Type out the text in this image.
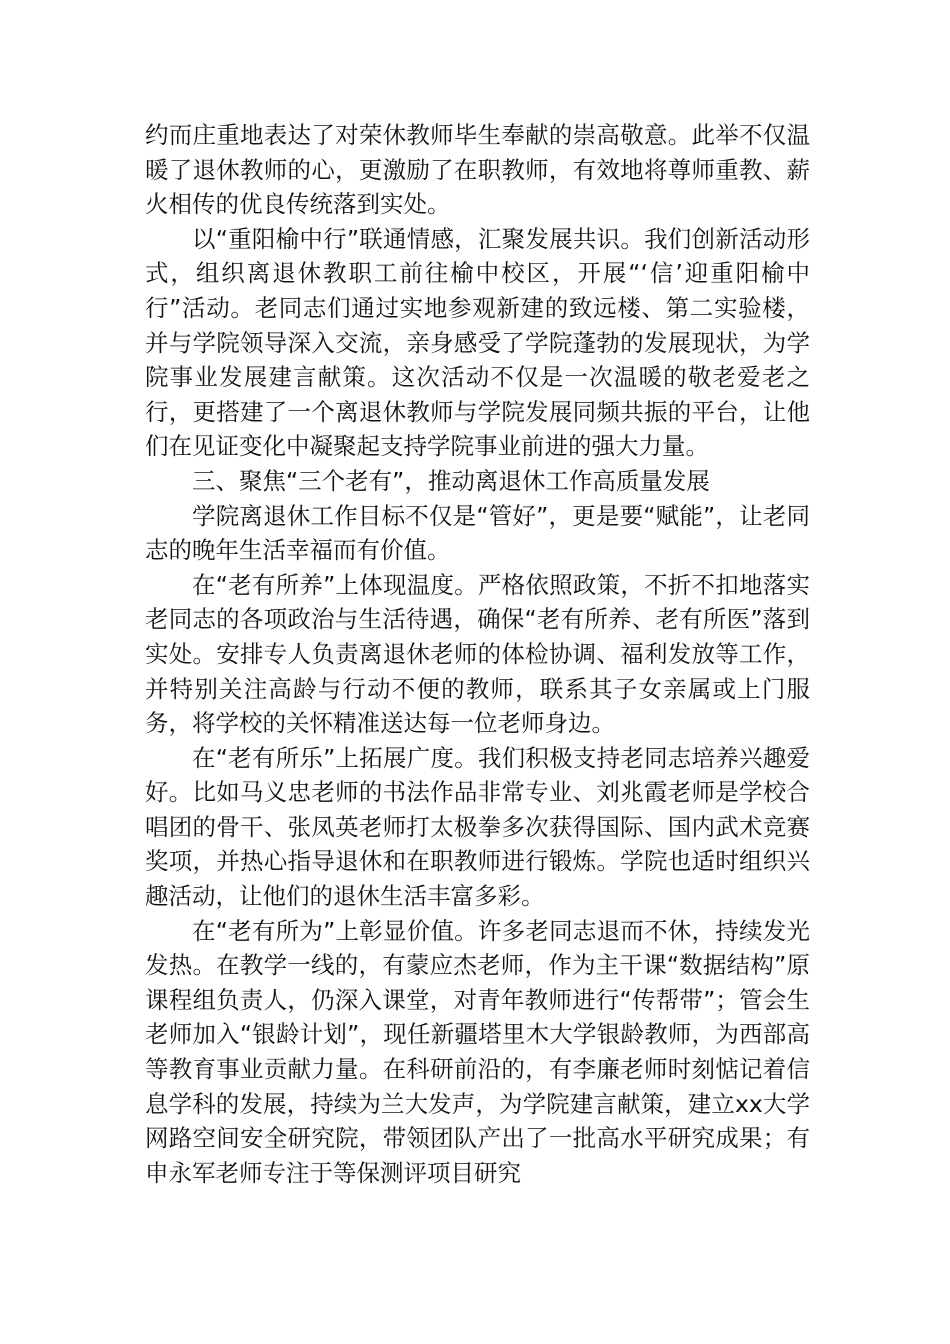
约而庄重地表达了对荣休教师毕生奉献的崇高敬意。此举不仅温暖了退休教师的心，更激励了在职教师，有效地将尊师重教、薪火相传的优良传统落到实处。

以“重阳榆中行”联通情感，汇聚发展共识。我们创新活动形式，组织离退休教职工前往榆中校区，开展“‘信’迎重阳榆中行”活动。老同志们通过实地参观新建的致远楼、第二实验楼，并与学院领导深入交流，亲身感受了学院蓬勃的发展现状，为学院事业发展建言献策。这次活动不仅是一次温暖的敬老爱老之行，更搭建了一个离退休教师与学院发展同频共振的平台，让他们在见证变化中凝聚起支持学院事业前进的强大力量。

三、聚焦“三个老有”，推动离退休工作高质量发展

学院离退休工作目标不仅是“管好”，更是要“赋能”，让老同志的晚年生活幸福而有价值。

在“老有所养”上体现温度。严格依照政策，不折不扣地落实老同志的各项政治与生活待遇，确保“老有所养、老有所医”落到实处。安排专人负责离退休老师的体检协调、福利发放等工作，并特别关注高龄与行动不便的教师，联系其子女亲属或上门服务，将学校的关怀精准送达每一位老师身边。

在“老有所乐”上拓展广度。我们积极支持老同志培养兴趣爱好。比如马义忠老师的书法作品非常专业、刘兆霞老师是学校合唱团的骨干、张凤英老师打太极拳多次获得国际、国内武术竞赛奖项，并热心指导退休和在职教师进行锻炼。学院也适时组织兴趣活动，让他们的退休生活丰富多彩。

在“老有所为”上彰显价值。许多老同志退而不休，持续发光发热。在教学一线的，有蒙应杰老师，作为主干课“数据结构”原课程组负责人，仍深入课堂，对青年教师进行“传帮带”；管会生老师加入“银龄计划”，现任新疆塔里木大学银龄教师，为西部高等教育事业贡献力量。在科研前沿的，有李廉老师时刻惦记着信息学科的发展，持续为兰大发声，为学院建言献策，建立xx大学网路空间安全研究院，带领团队产出了一批高水平研究成果；有申永军老师专注于等保测评项目研究
